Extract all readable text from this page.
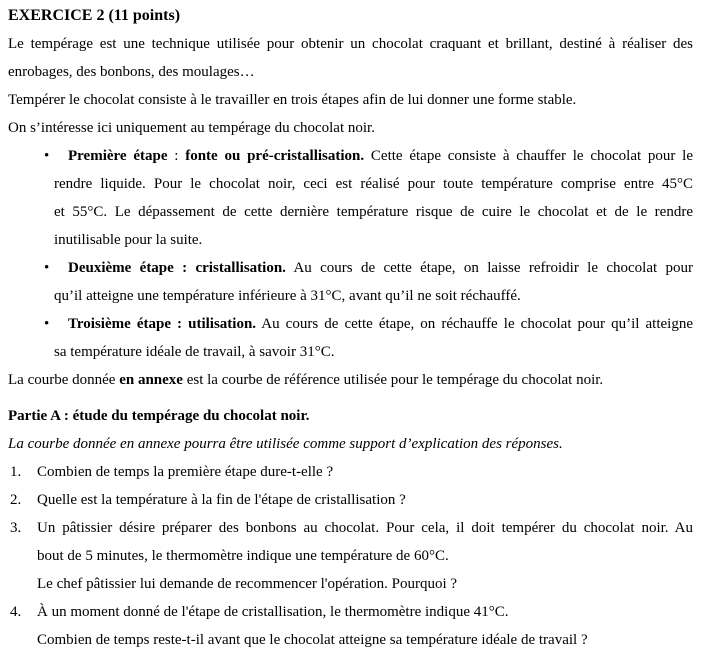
EXERCICE 2 (11 points)
Le tempérage est une technique utilisée pour obtenir un chocolat craquant et brillant, destiné à réaliser des
enrobages, des bonbons, des moulages…
Tempérer le chocolat consiste à le travailler en trois étapes afin de lui donner une forme stable.
On s’intéresse ici uniquement au tempérage du chocolat noir.
•	Première étape : fonte ou pré-cristallisation. Cette étape consiste à chauffer le chocolat pour le
rendre liquide. Pour le chocolat noir, ceci est réalisé pour toute température comprise entre 45°C
et 55°C. Le dépassement de cette dernière température risque de cuire le chocolat et de le rendre
inutilisable pour la suite.
•	Deuxième étape : cristallisation. Au cours de cette étape, on laisse refroidir le chocolat pour
qu’il atteigne une température inférieure à 31°C, avant qu’il ne soit réchauffé.
•	Troisième étape : utilisation. Au cours de cette étape, on réchauffe le chocolat pour qu’il atteigne
sa température idéale de travail, à savoir 31°C.
La courbe donnée en annexe est la courbe de référence utilisée pour le tempérage du chocolat noir.
Partie A : étude du tempérage du chocolat noir.
La courbe donnée en annexe pourra être utilisée comme support d’explication des réponses.
1. Combien de temps la première étape dure-t-elle ?
2. Quelle est la température à la fin de l'étape de cristallisation ?
3. Un pâtissier désire préparer des bonbons au chocolat. Pour cela, il doit tempérer du chocolat noir. Au
bout de 5 minutes, le thermomètre indique une température de 60°C.
Le chef pâtissier lui demande de recommencer l'opération. Pourquoi ?
4. À un moment donné de l'étape de cristallisation, le thermomètre indique 41°C.
Combien de temps reste-t-il avant que le chocolat atteigne sa température idéale de travail ?
